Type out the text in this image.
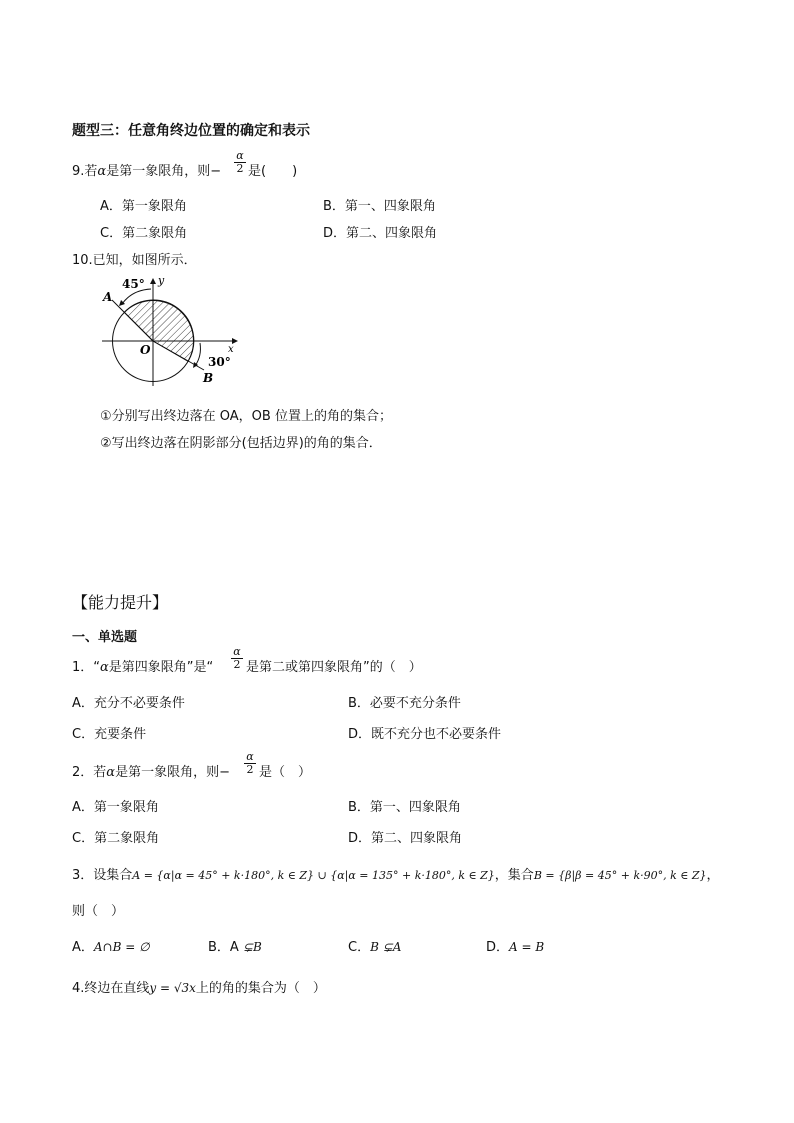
题型三：任意角终边位置的确定和表示
9.若α是第一象限角，则−
α
2 是(　　)
A．第一象限角	B．第一、四象限角
C．第二象限角	D．第二、四象限角
10.已知，如图所示．
45°
30°
A
B
O	x
y
①分别写出终边落在 OA，OB 位置上的角的集合；
②写出终边落在阴影部分(包括边界)的角的集合．
【能力提升】
一、单选题
1．“α是第四象限角”是“
α
2 是第二或第四象限角”的（　）
A．充分不必要条件	B．必要不充分条件
C．充要条件	D．既不充分也不必要条件
2．若α是第一象限角，则−
α
2 是（　）
A．第一象限角	B．第一、四象限角
C．第二象限角	D．第二、四象限角
3．设集合A = {α|α = 45° + k·180°, k ∈ Z} ∪ {α|α = 135° + k·180°, k ∈ Z}，集合B = {β|β = 45° + k·90°, k ∈ Z}，
则（　）
A．A∩B = ∅	B．A ⊊B	C．B ⊊A	D．A = B
4.终边在直线y = √3x上的角的集合为（　）
